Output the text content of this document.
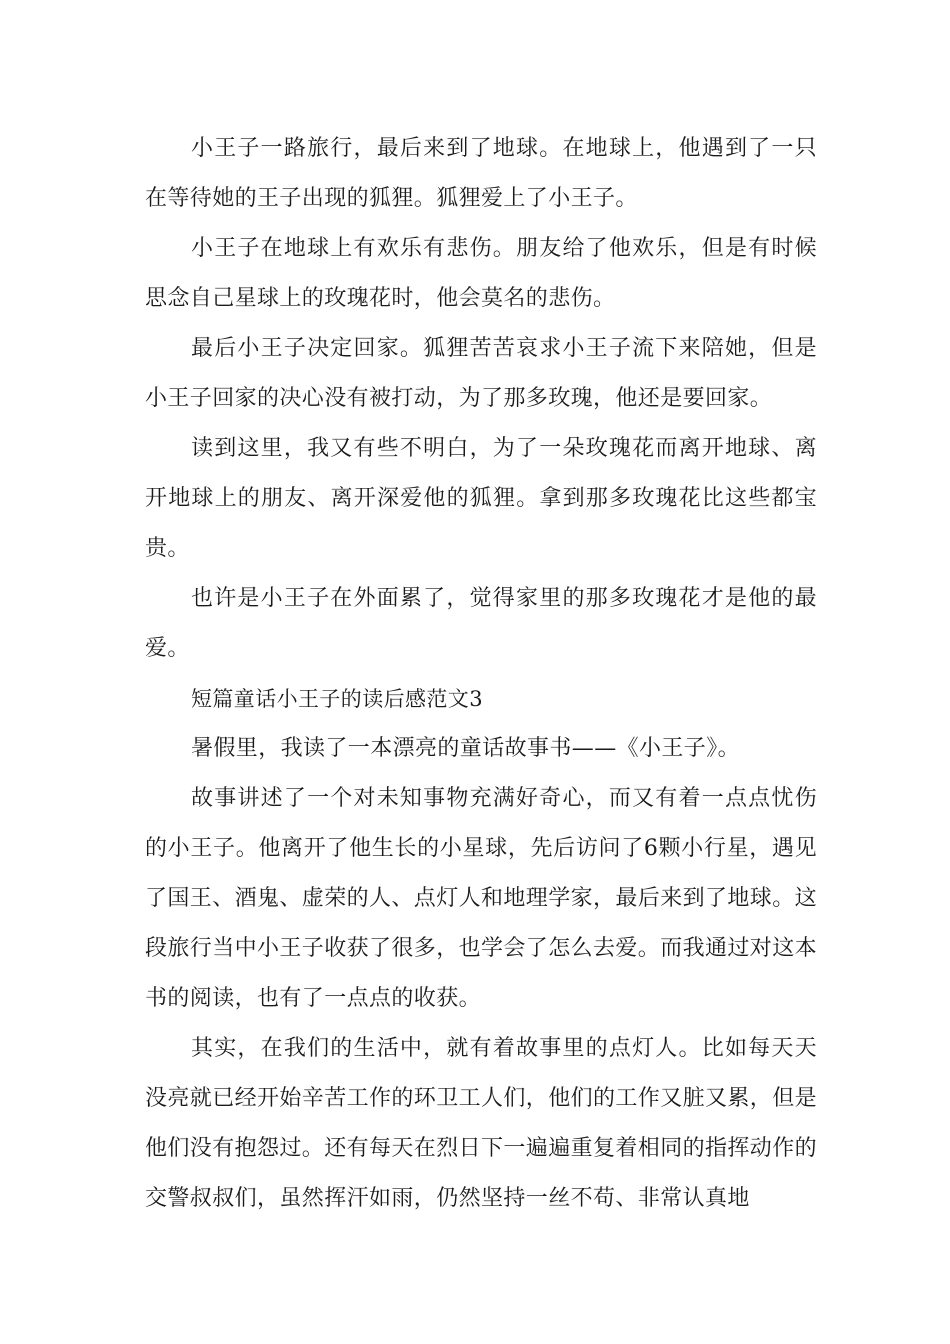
小王子一路旅行，最后来到了地球。在地球上，他遇到了一只在等待她的王子出现的狐狸。狐狸爱上了小王子。

小王子在地球上有欢乐有悲伤。朋友给了他欢乐，但是有时候思念自己星球上的玫瑰花时，他会莫名的悲伤。

最后小王子决定回家。狐狸苦苦哀求小王子流下来陪她，但是小王子回家的决心没有被打动，为了那多玫瑰，他还是要回家。

读到这里，我又有些不明白，为了一朵玫瑰花而离开地球、离开地球上的朋友、离开深爱他的狐狸。拿到那多玫瑰花比这些都宝贵。

也许是小王子在外面累了，觉得家里的那多玫瑰花才是他的最爱。

短篇童话小王子的读后感范文3

暑假里，我读了一本漂亮的童话故事书——《小王子》。

故事讲述了一个对未知事物充满好奇心，而又有着一点点忧伤的小王子。他离开了他生长的小星球，先后访问了6颗小行星，遇见了国王、酒鬼、虚荣的人、点灯人和地理学家，最后来到了地球。这段旅行当中小王子收获了很多，也学会了怎么去爱。而我通过对这本书的阅读，也有了一点点的收获。

其实，在我们的生活中，就有着故事里的点灯人。比如每天天没亮就已经开始辛苦工作的环卫工人们，他们的工作又脏又累，但是他们没有抱怨过。还有每天在烈日下一遍遍重复着相同的指挥动作的交警叔叔们，虽然挥汗如雨，仍然坚持一丝不苟、非常认真地
